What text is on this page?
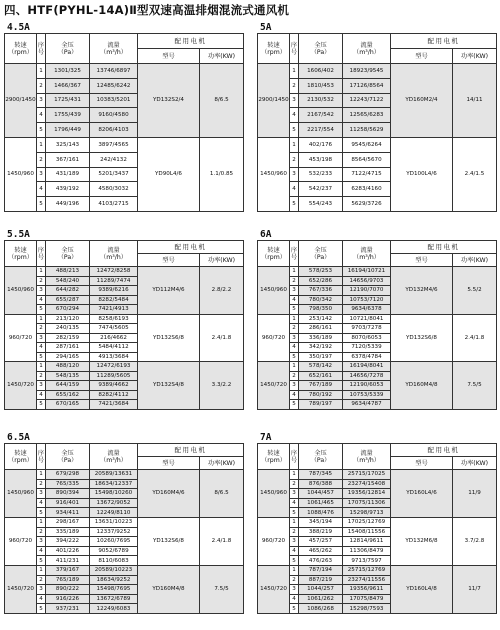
四、HTF(PYHL-14A)Ⅱ型双速高温排烟混流式通风机
4.5A
转速
（rpm）	序
号	全压
（Pa）	流量
（m³/h）	配用电机	
				型号	功率(KW)
2900/1450	1	1301/325	13746/6897	YD132S2/4	8/6.5
	2	1466/367	12485/6242		
	3	1725/431	10383/5201		
	4	1755/439	9160/4580		
	5	1796/449	8206/4103		
1450/960	1	325/143	3897/4565	YD90L4/6	1.1/0.85
	2	367/161	242/4132		
	3	431/189	5201/3437		
	4	439/192	4580/3032		
	5	449/196	4103/2715		
5A
转速
（rpm）	序
号	全压
（Pa）	流量
（m³/h）	配用电机	
				型号	功率(KW)
2900/1450	1	1606/402	18923/9545	YD160M2/4	14/11
	2	1810/453	17126/8564		
	3	2130/532	12243/7122		
	4	2167/542	12565/6283		
	5	2217/554	11258/5629		
1450/960	1	402/176	9545/6264	YD100L4/6	2.4/1.5
	2	453/198	8564/5670		
	3	532/233	7122/4715		
	4	542/237	6283/4160		
	5	554/243	5629/3726		
5.5A
转速
（rpm）	序
号	全压
（Pa）	流量
（m³/h）	配用电机	
				型号	功率(KW)
1450/960	1	488/213	12472/8258	YD112M4/6	2.8/2.2
	2	548/240	11289/7474		
	3	644/282	9389/6216		
	4	655/287	8282/5484		
	5	670/294	7421/4913		
960/720	1	213/120	8258/6193	YD132S6/8	2.4/1.8
	2	240/135	7474/5605		
	3	282/159	216/4662		
	4	287/161	5484/4112		
	5	294/165	4913/3684		
1450/720	1	488/120	12472/6193	YD132S4/8	3.3/2.2
	2	548/135	11289/5605		
	3	644/159	9389/4662		
	4	655/162	8282/4112		
	5	670/165	7421/3684		
6A
转速
（rpm）	序
号	全压
（Pa）	流量
（m³/h）	配用电机	
				型号	功率(KW)
1450/960	1	578/253	16194/10721	YD132M4/6	5.5/2
	2	652/286	14656/9703		
	3	767/336	12190/7070		
	4	780/342	10753/7120		
	5	798/350	9634/6378		
960/720	1	253/142	10721/8041	YD132S6/8	2.4/1.8
	2	286/161	9703/7278		
	3	336/189	8070/6053		
	4	342/192	7120/5339		
	5	350/197	6378/4784		
1450/720	1	578/142	16194/8041	YD160M4/8	7.5/5
	2	652/161	14656/7278		
	3	767/189	12190/6053		
	4	780/192	10753/5339		
	5	789/197	9634/4787		
6.5A
转速
（rpm）	序
号	全压
（Pa）	流量
（m³/h）	配用电机	
				型号	功率(KW)
1450/960	1	679/298	20589/13631	YD160M4/6	8/6.5
	2	765/335	18634/12337		
	3	890/394	15498/10260		
	4	916/401	13672/9052		
	5	934/411	12249/8110		
960/720	1	298/167	13631/10223	YD132S6/8	2.4/1.8
	2	335/189	12337/9252		
	3	394/222	10260/7695		
	4	401/226	9052/6789		
	5	411/231	8110/6083		
1450/720	1	379/167	20589/10223	YD160M4/8	7.5/5
	2	765/189	18634/9252		
	3	890/222	15498/7695		
	4	916/226	13672/6789		
	5	937/231	12249/6083		
7A
转速
（rpm）	序
号	全压
（Pa）	流量
（m³/h）	配用电机	
				型号	功率(KW)
1450/960	1	787/345	25715/17025	YD160L4/6	11/9
	2	876/388	23274/15408		
	3	1044/457	19356/12814		
	4	1061/465	17075/11306		
	5	1088/476	15298/9713		
960/720	1	345/194	17025/12769	YD132M6/8	3.7/2.8
	2	388/219	15408/11556		
	3	457/257	12814/9611		
	4	465/262	11306/8479		
	5	476/263	9713/7597		
1450/720	1	787/194	25715/12769	YD160L4/8	11/7
	2	887/219	23274/11556		
	3	1044/257	19356/9611		
	4	1061/262	17075/8479		
	5	1086/268	15298/7593		
